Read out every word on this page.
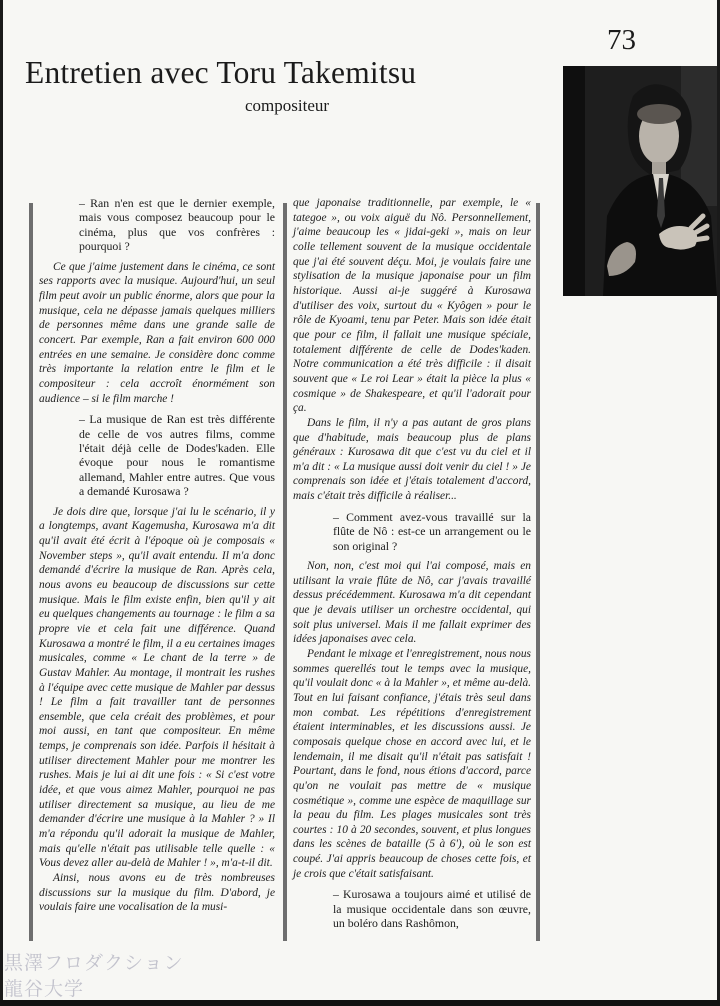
73
Entretien avec Toru Takemitsu
compositeur

– Ran n'en est que le dernier exemple, mais vous composez beaucoup pour le cinéma, plus que vos confrères : pourquoi ?

Ce que j'aime justement dans le cinéma, ce sont ses rapports avec la musique. Aujourd'hui, un seul film peut avoir un public énorme, alors que pour la musique, cela ne dépasse jamais quelques milliers de personnes même dans une grande salle de concert. Par exemple, Ran a fait environ 600 000 entrées en une semaine. Je considère donc comme très importante la relation entre le film et le compositeur : cela accroît énormément son audience – si le film marche !

– La musique de Ran est très différente de celle de vos autres films, comme l'était déjà celle de Dodes'kaden. Elle évoque pour nous le romantisme allemand, Mahler entre autres. Que vous a demandé Kurosawa ?

Je dois dire que, lorsque j'ai lu le scénario, il y a longtemps, avant Kagemusha, Kurosawa m'a dit qu'il avait été écrit à l'époque où je composais « November steps », qu'il avait entendu. Il m'a donc demandé d'écrire la musique de Ran. Après cela, nous avons eu beaucoup de discussions sur cette musique. Mais le film existe enfin, bien qu'il y ait eu quelques changements au tournage : le film a sa propre vie et cela fait une différence. Quand Kurosawa a montré le film, il a eu certaines images musicales, comme « Le chant de la terre » de Gustav Mahler. Au montage, il montrait les rushes à l'équipe avec cette musique de Mahler par dessus ! Le film a fait travailler tant de personnes ensemble, que cela créait des problèmes, et pour moi aussi, en tant que compositeur. En même temps, je comprenais son idée. Parfois il hésitait à utiliser directement Mahler pour me montrer les rushes. Mais je lui ai dit une fois : « Si c'est votre idée, et que vous aimez Mahler, pourquoi ne pas utiliser directement sa musique, au lieu de me demander d'écrire une musique à la Mahler ? » Il m'a répondu qu'il adorait la musique de Mahler, mais qu'elle n'était pas utilisable telle quelle : « Vous devez aller au-delà de Mahler ! », m'a-t-il dit.

Ainsi, nous avons eu de très nombreuses discussions sur la musique du film. D'abord, je voulais faire une vocalisation de la musi-

que japonaise traditionnelle, par exemple, le « tategoe », ou voix aiguë du Nô. Personnellement, j'aime beaucoup les « jidai-geki », mais on leur colle tellement souvent de la musique occidentale que j'ai été souvent déçu. Moi, je voulais faire une stylisation de la musique japonaise pour un film historique. Aussi ai-je suggéré à Kurosawa d'utiliser des voix, surtout du « Kyôgen » pour le rôle de Kyoami, tenu par Peter. Mais son idée était que pour ce film, il fallait une musique spéciale, totalement différente de celle de Dodes'kaden. Notre communication a été très difficile : il disait souvent que « Le roi Lear » était la pièce la plus « cosmique » de Shakespeare, et qu'il l'adorait pour ça.

Dans le film, il n'y a pas autant de gros plans que d'habitude, mais beaucoup plus de plans généraux : Kurosawa dit que c'est vu du ciel et il m'a dit : « La musique aussi doit venir du ciel ! » Je comprenais son idée et j'étais totalement d'accord, mais c'était très difficile à réaliser...

– Comment avez-vous travaillé sur la flûte de Nô : est-ce un arrangement ou le son original ?

Non, non, c'est moi qui l'ai composé, mais en utilisant la vraie flûte de Nô, car j'avais travaillé dessus précédemment. Kurosawa m'a dit cependant que je devais utiliser un orchestre occidental, qui soit plus universel. Mais il me fallait exprimer des idées japonaises avec cela.

Pendant le mixage et l'enregistrement, nous nous sommes querellés tout le temps avec la musique, qu'il voulait donc « à la Mahler », et même au-delà. Tout en lui faisant confiance, j'étais très seul dans mon combat. Les répétitions d'enregistrement étaient interminables, et les discussions aussi. Je composais quelque chose en accord avec lui, et le lendemain, il me disait qu'il n'était pas satisfait ! Pourtant, dans le fond, nous étions d'accord, parce qu'on ne voulait pas mettre de « musique cosmétique », comme une espèce de maquillage sur la peau du film. Les plages musicales sont très courtes : 10 à 20 secondes, souvent, et plus longues dans les scènes de bataille (5 à 6'), où le son est coupé. J'ai appris beaucoup de choses cette fois, et je crois que c'était satisfaisant.

– Kurosawa a toujours aimé et utilisé de la musique occidentale dans son œuvre, un boléro dans Rashômon,

黒澤フロダクション
龍谷大学
